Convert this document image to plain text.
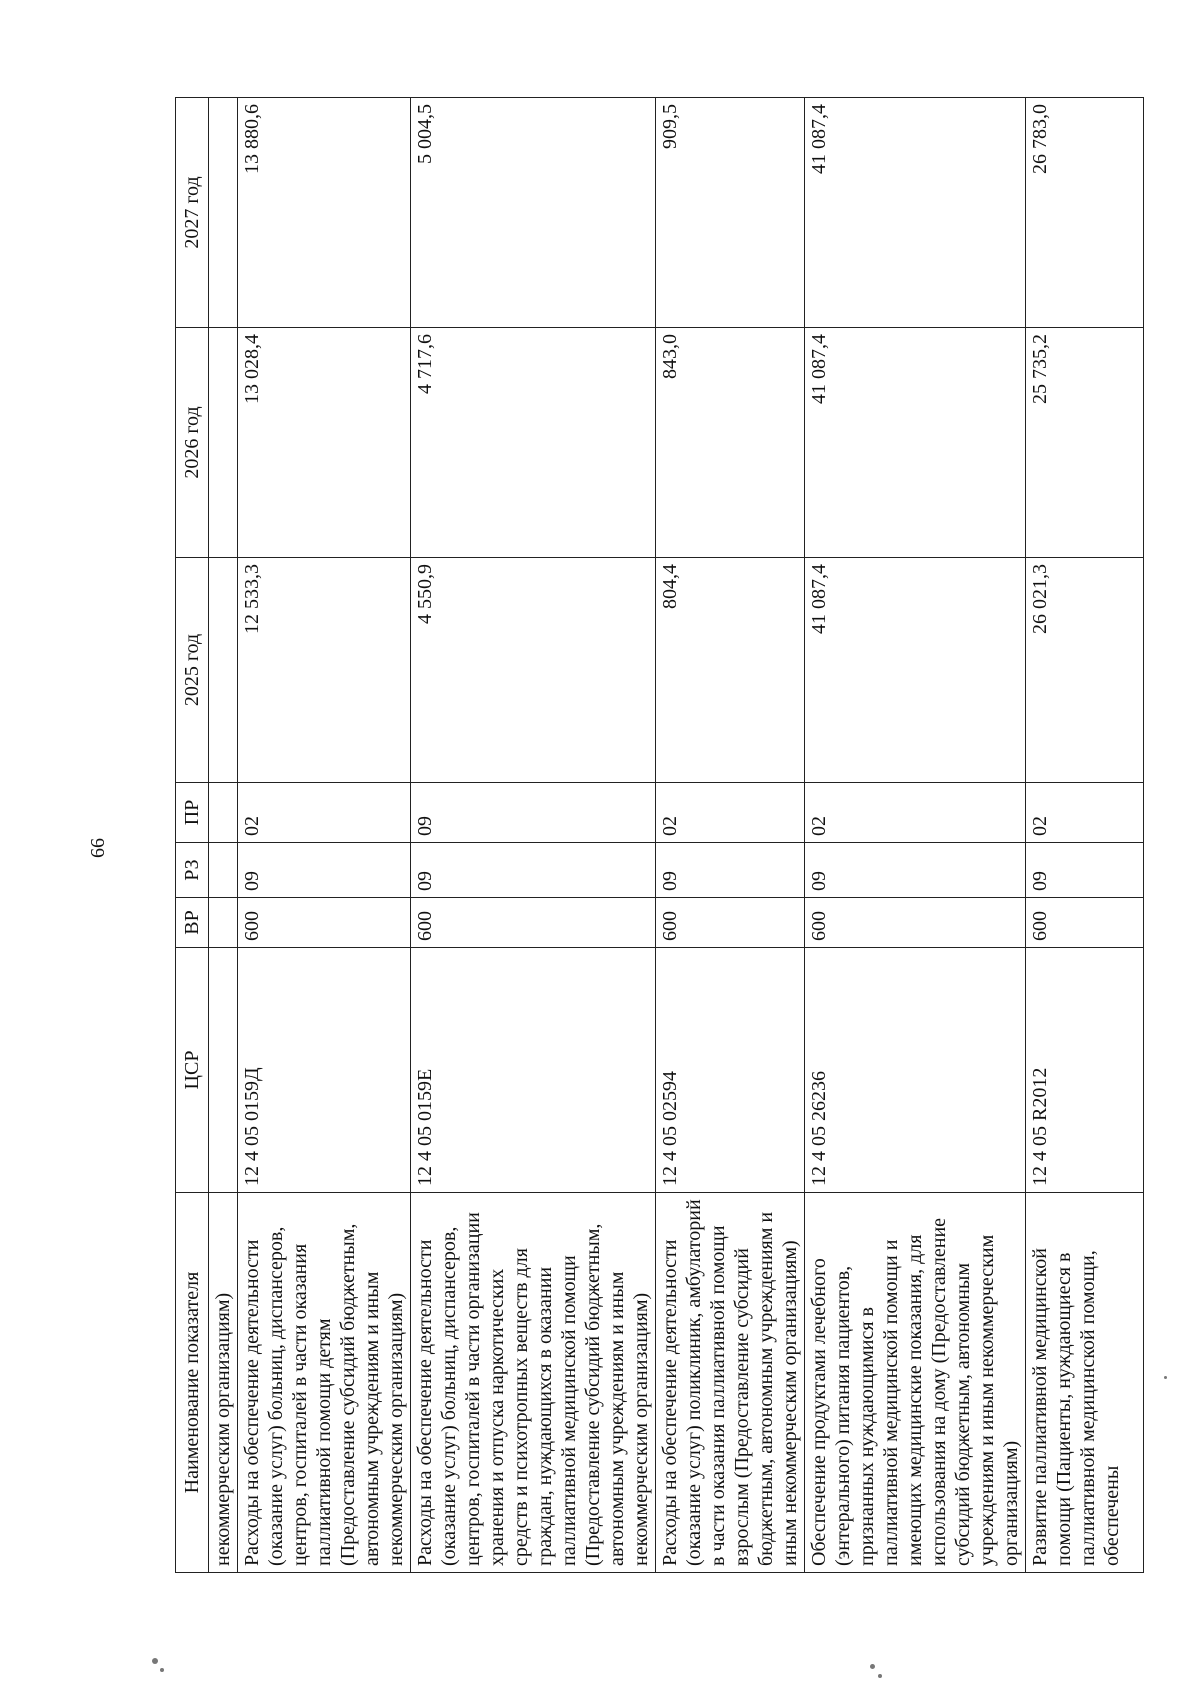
66
Наименование показателя	ЦСР	ВР	РЗ	ПР	2025 год	2026 год	2027 год
некоммерческим организациям)							
Расходы на обеспечение деятельности (оказание услуг) больниц, диспансеров, центров, госпиталей в части оказания паллиативной помощи детям (Предоставление субсидий бюджетным, автономным учреждениям и иным некоммерческим организациям)	12 4 05 0159Д	600	09	02	12 533,3	13 028,4	13 880,6
Расходы на обеспечение деятельности (оказание услуг) больниц, диспансеров, центров, госпиталей в части организации хранения и отпуска наркотических средств и психотропных веществ для граждан, нуждающихся в оказании паллиативной медицинской помощи (Предоставление субсидий бюджетным, автономным учреждениям и иным некоммерческим организациям)	12 4 05 0159Е	600	09	09	4 550,9	4 717,6	5 004,5
Расходы на обеспечение деятельности (оказание услуг) поликлиник, амбулаторий в части оказания паллиативной помощи взрослым (Предоставление субсидий бюджетным, автономным учреждениям и иным некоммерческим организациям)	12 4 05 02594	600	09	02	804,4	843,0	909,5
Обеспечение продуктами лечебного (энтерального) питания пациентов, признанных нуждающимися в паллиативной медицинской помощи и имеющих медицинские показания, для использования на дому (Предоставление субсидий бюджетным, автономным учреждениям и иным некоммерческим организациям)	12 4 05 26236	600	09	02	41 087,4	41 087,4	41 087,4
Развитие паллиативной медицинской помощи (Пациенты, нуждающиеся в паллиативной медицинской помощи, обеспечены	12 4 05 R2012	600	09	02	26 021,3	25 735,2	26 783,0
